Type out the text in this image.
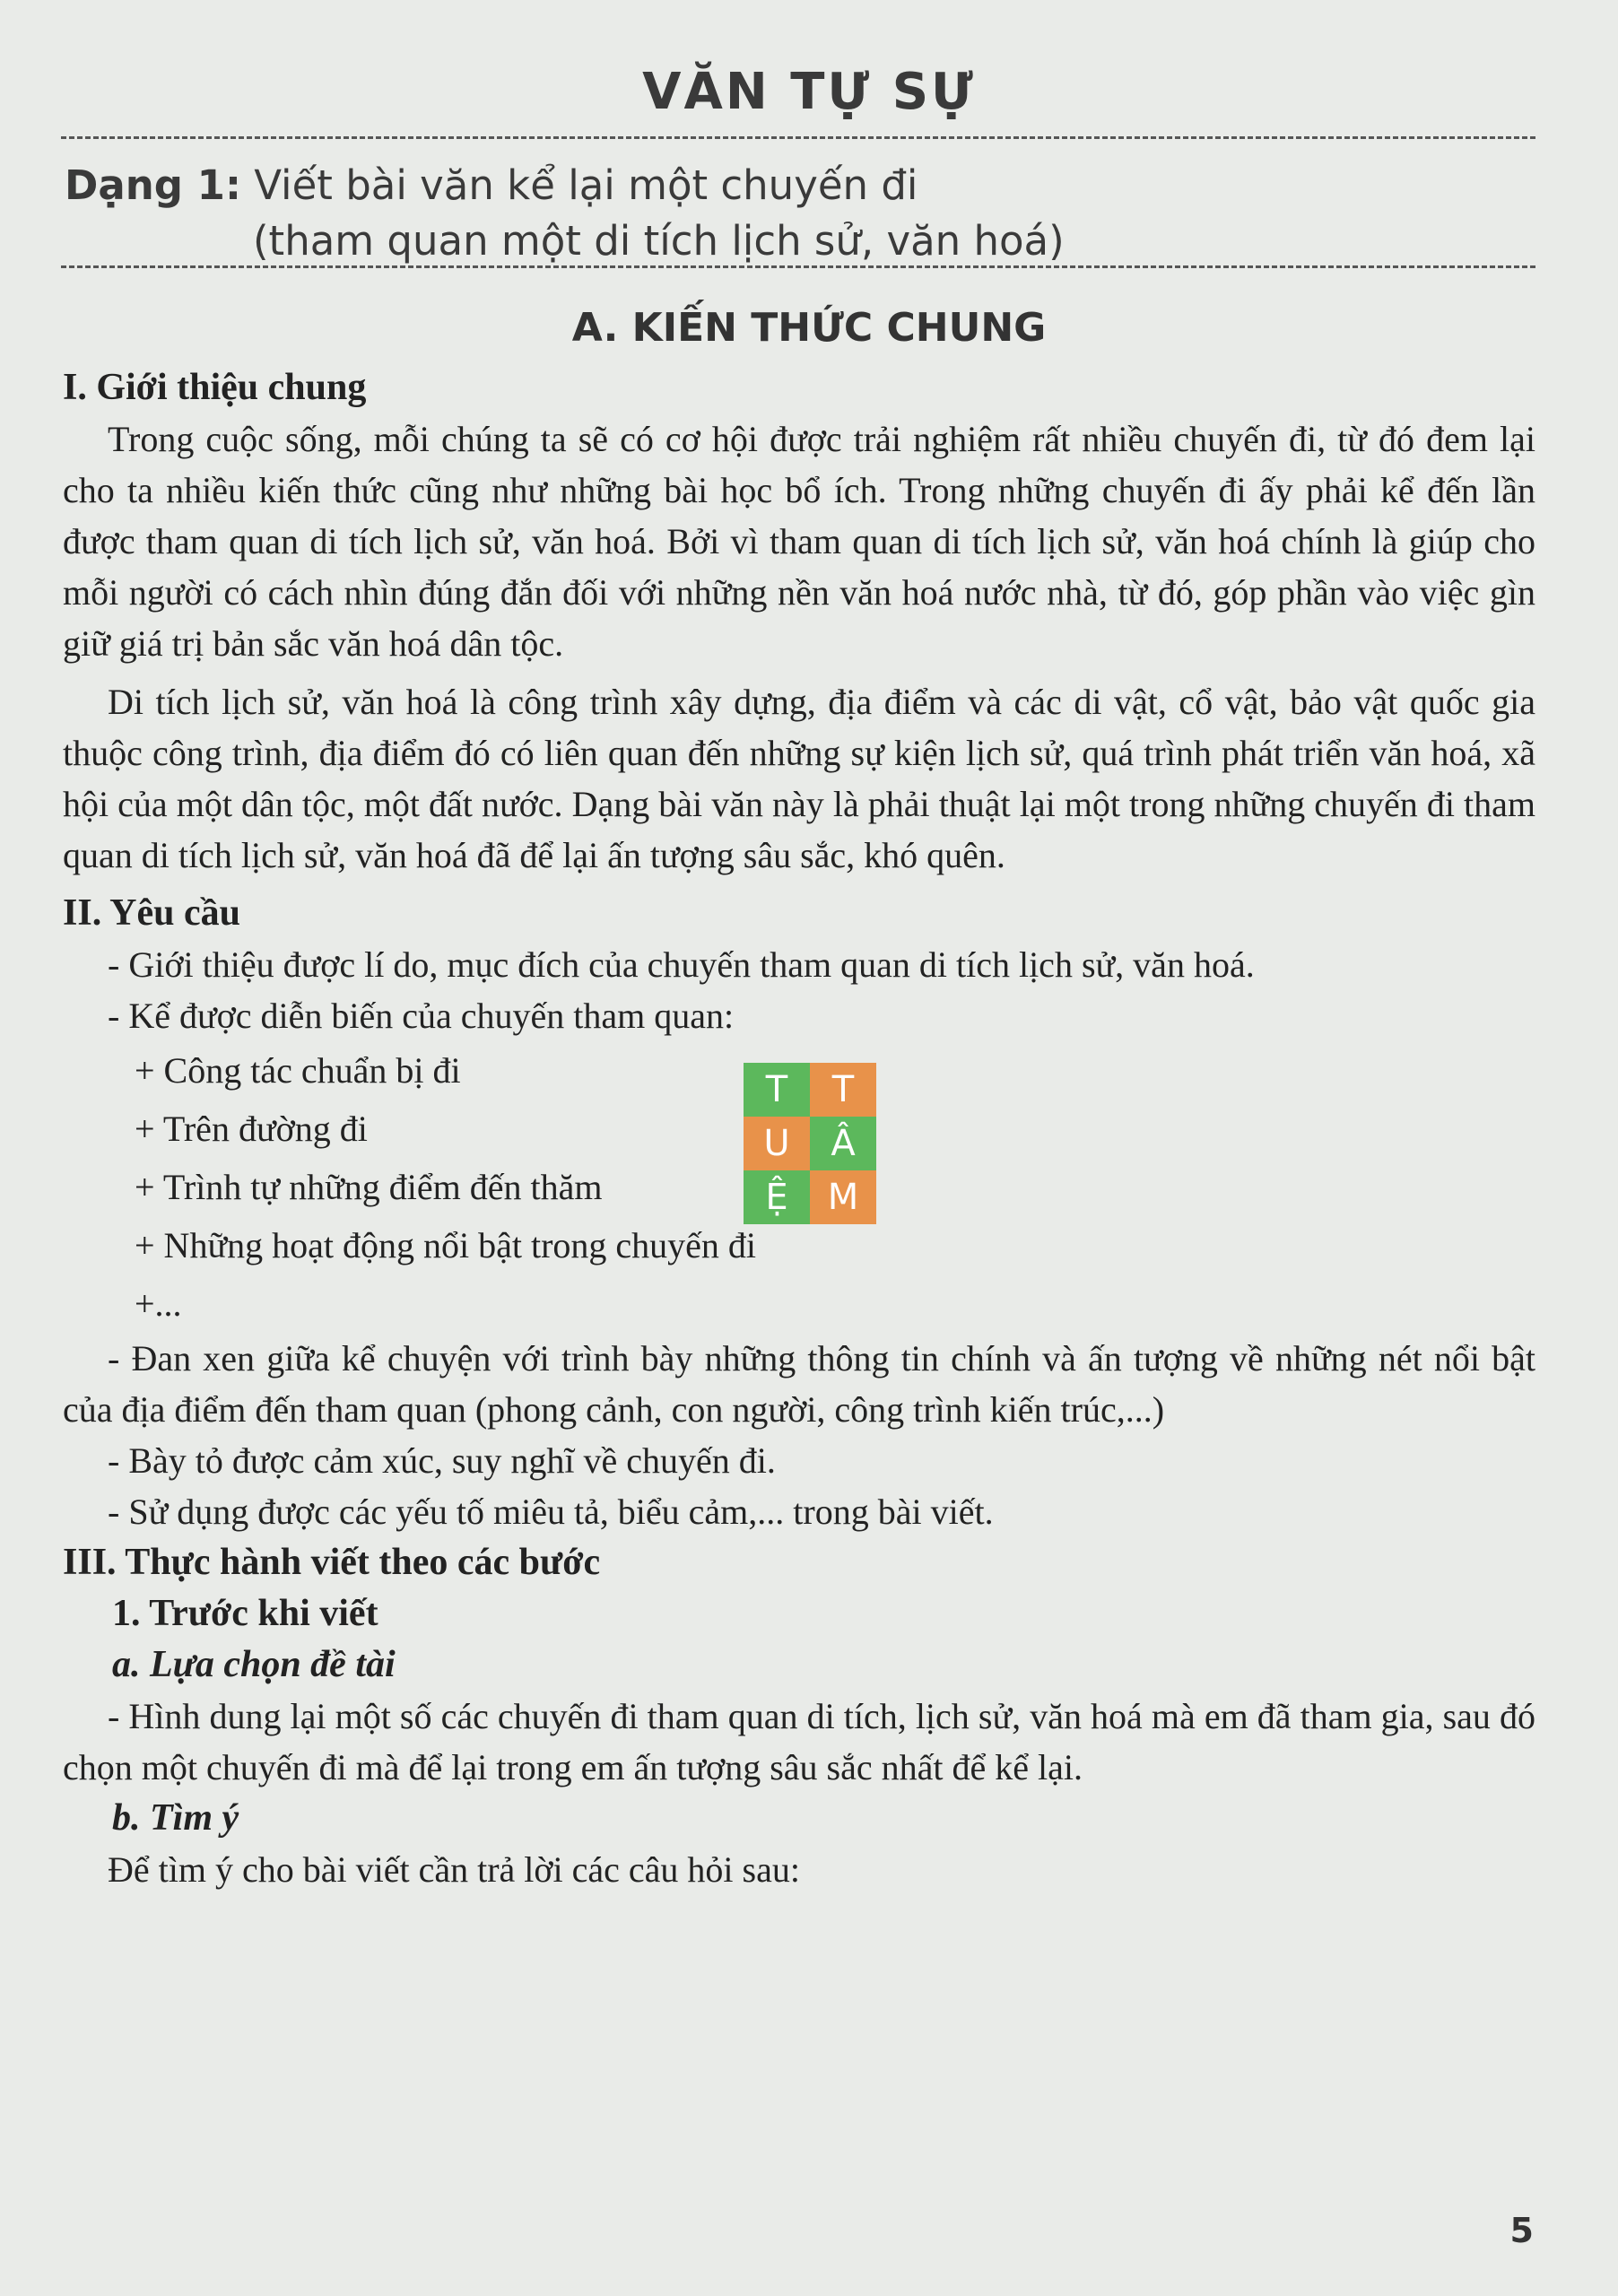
VĂN TỰ SỰ
Dạng 1: Viết bài văn kể lại một chuyến đi
(tham quan một di tích lịch sử, văn hoá)
A. KIẾN THỨC CHUNG

I. Giới thiệu chung

Trong cuộc sống, mỗi chúng ta sẽ có cơ hội được trải nghiệm rất nhiều chuyến đi, từ đó đem lại cho ta nhiều kiến thức cũng như những bài học bổ ích. Trong những chuyến đi ấy phải kể đến lần được tham quan di tích lịch sử, văn hoá. Bởi vì tham quan di tích lịch sử, văn hoá chính là giúp cho mỗi người có cách nhìn đúng đắn đối với những nền văn hoá nước nhà, từ đó, góp phần vào việc gìn giữ giá trị bản sắc văn hoá dân tộc.

Di tích lịch sử, văn hoá là công trình xây dựng, địa điểm và các di vật, cổ vật, bảo vật quốc gia thuộc công trình, địa điểm đó có liên quan đến những sự kiện lịch sử, quá trình phát triển văn hoá, xã hội của một dân tộc, một đất nước. Dạng bài văn này là phải thuật lại một trong những chuyến đi tham quan di tích lịch sử, văn hoá đã để lại ấn tượng sâu sắc, khó quên.

II. Yêu cầu

- Giới thiệu được lí do, mục đích của chuyến tham quan di tích lịch sử, văn hoá.

- Kể được diễn biến của chuyến tham quan:

+ Công tác chuẩn bị đi

+ Trên đường đi

+ Trình tự những điểm đến thăm

+ Những hoạt động nổi bật trong chuyến đi

+...

- Đan xen giữa kể chuyện với trình bày những thông tin chính và ấn tượng về những nét nổi bật của địa điểm đến tham quan (phong cảnh, con người, công trình kiến trúc,...)

- Bày tỏ được cảm xúc, suy nghĩ về chuyến đi.

- Sử dụng được các yếu tố miêu tả, biểu cảm,... trong bài viết.

III. Thực hành viết theo các bước

1. Trước khi viết

a. Lựa chọn đề tài

- Hình dung lại một số các chuyến đi tham quan di tích, lịch sử, văn hoá mà em đã tham gia, sau đó chọn một chuyến đi mà để lại trong em ấn tượng sâu sắc nhất để kể lại.

b. Tìm ý

Để tìm ý cho bài viết cần trả lời các câu hỏi sau:

T	T
U	Â
Ệ	M
5
